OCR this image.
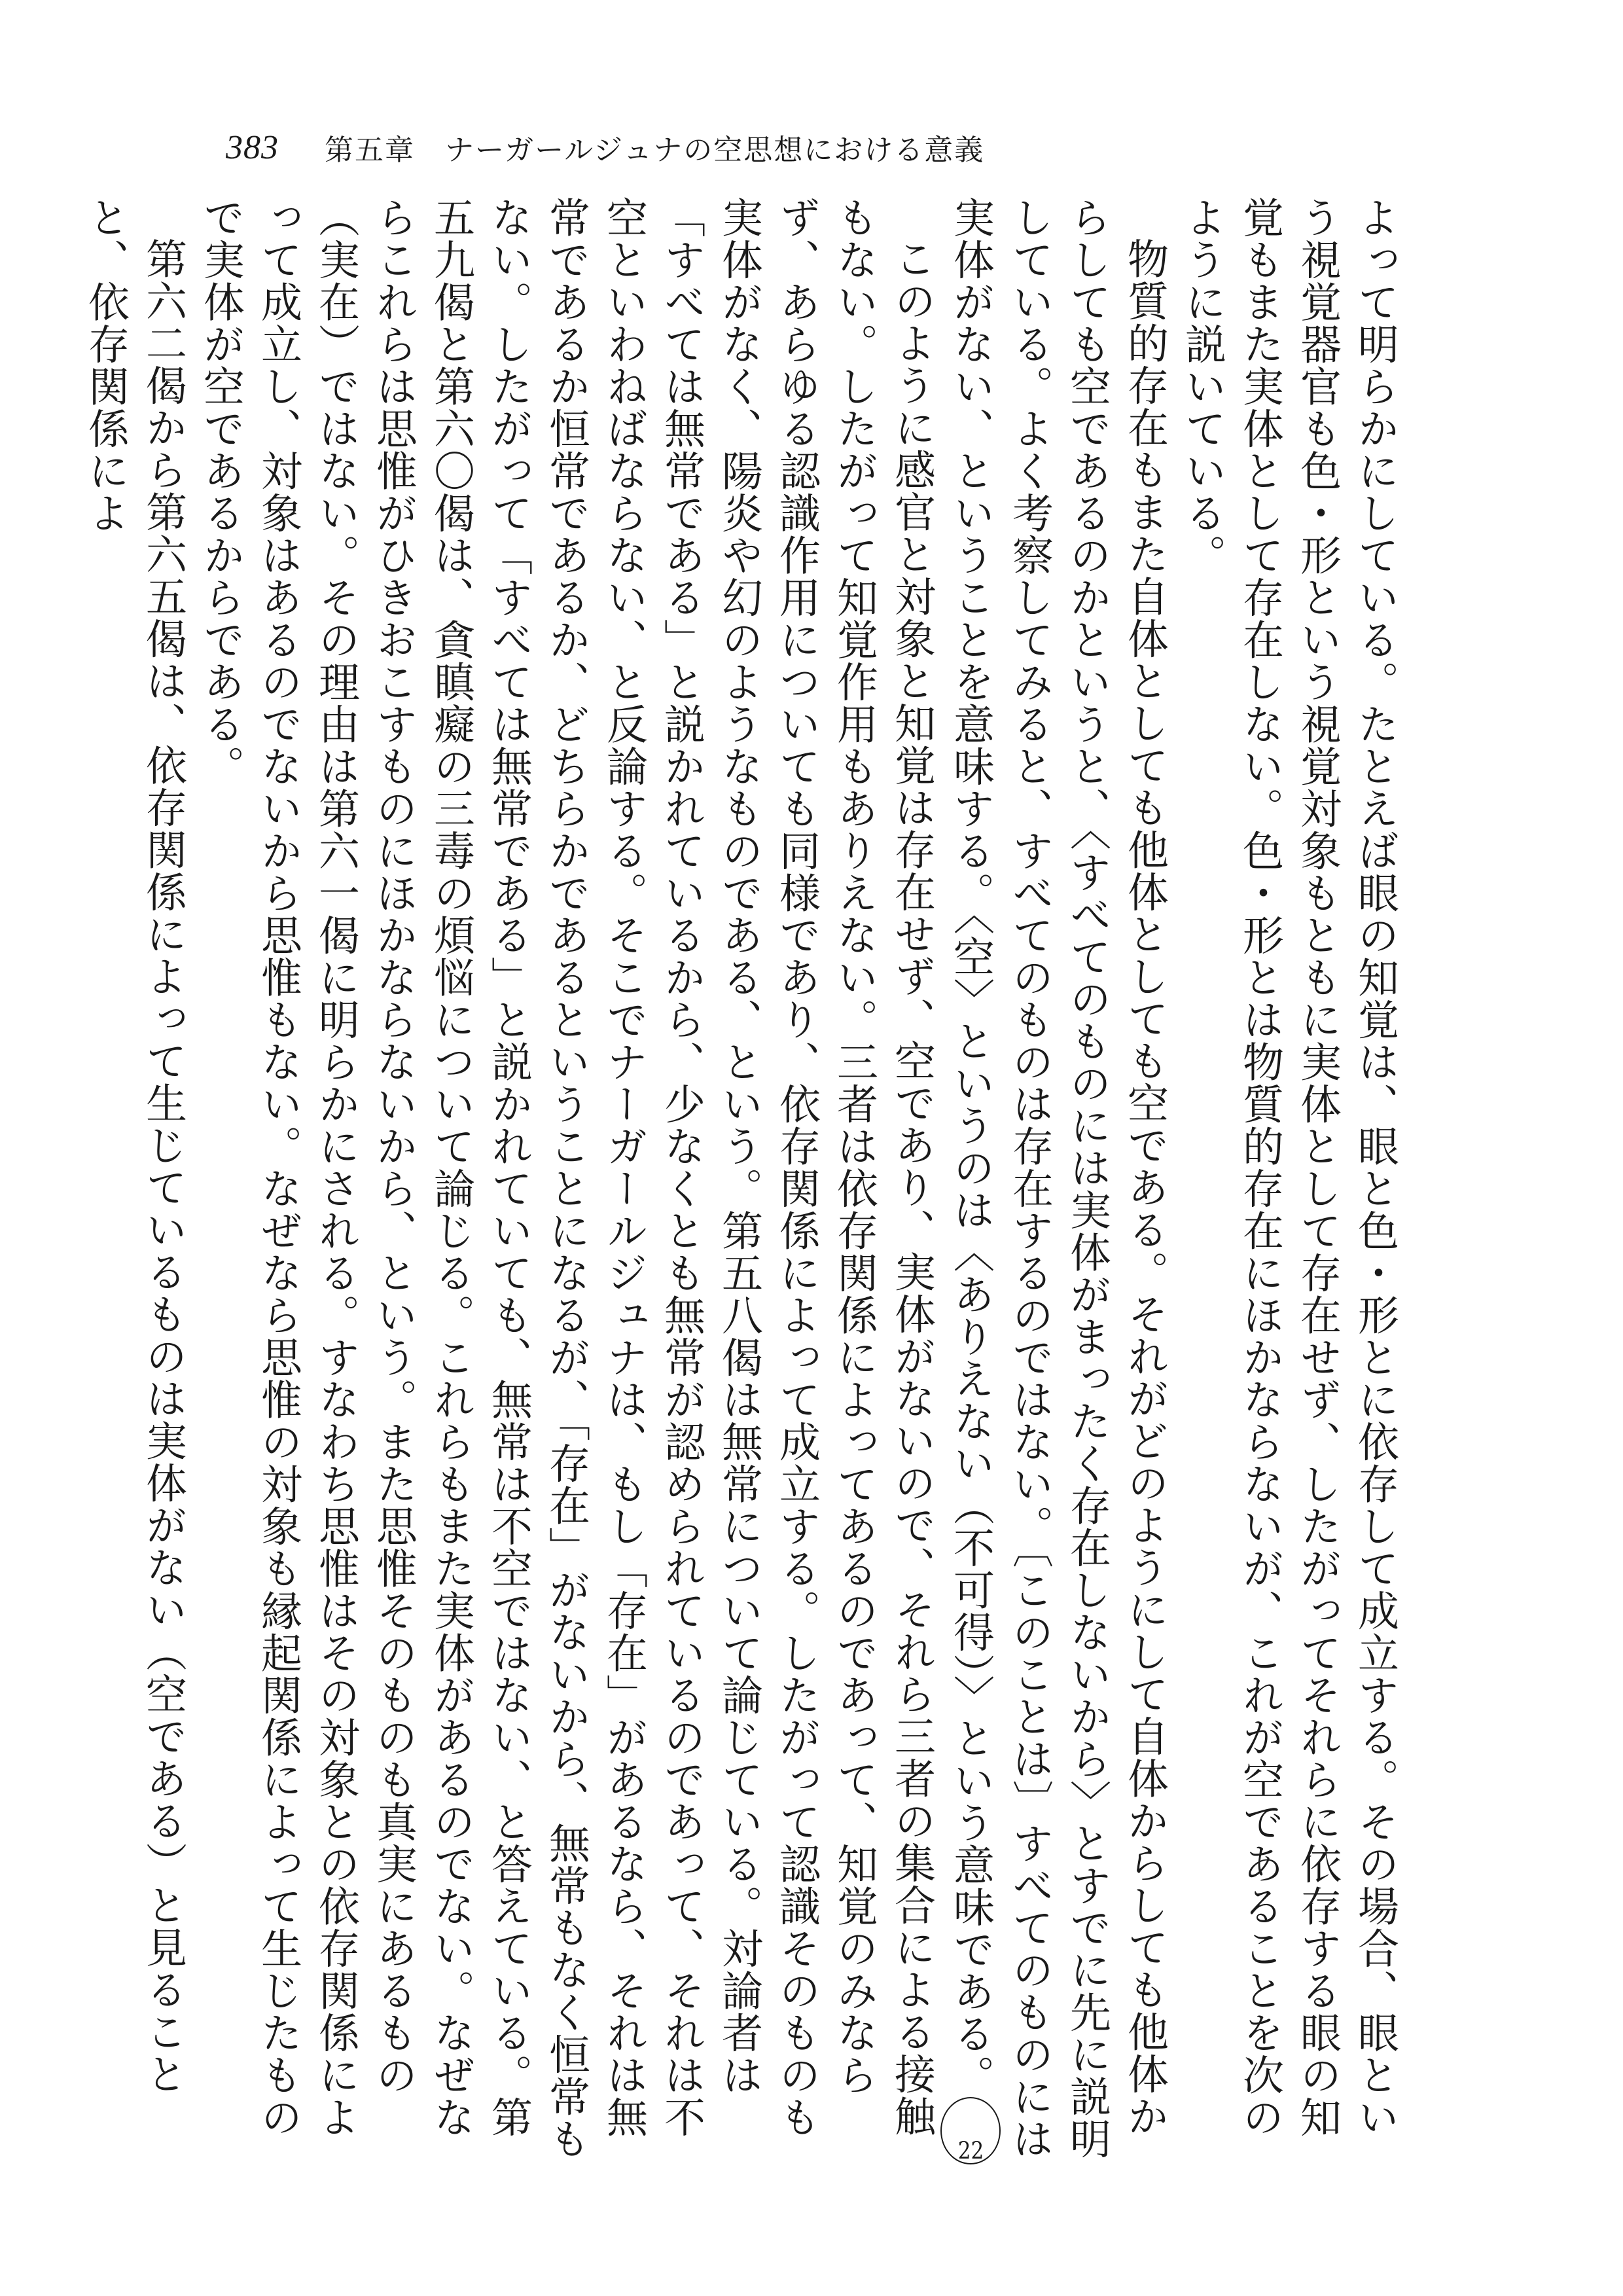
383 第五章　ナーガールジュナの空思想における意義

よって明らかにしている。たとえば眼の知覚は、眼と色・形とに依存して成立する。その場合、眼という視覚器官も色・形という視覚対象もともに実体として存在せず、したがってそれらに依存する眼の知覚もまた実体として存在しない。色・形とは物質的存在にほかならないが、これが空であることを次のように説いている。

物質的存在もまた自体としても他体としても空である。それがどのようにして自体からしても他体からしても空であるのかというと、〈すべてのものには実体がまったく存在しないから〉とすでに先に説明している。よく考察してみると、すべてのものは存在するのではない。〔このことは〕すべてのものには実体がない、ということを意味する。〈空〉というのは〈ありえない（不可得）〉という意味である。22

このように感官と対象と知覚は存在せず、空であり、実体がないので、それら三者の集合による接触もない。したがって知覚作用もありえない。三者は依存関係によってあるのであって、知覚のみならず、あらゆる認識作用についても同様であり、依存関係によって成立する。したがって認識そのものも実体がなく、陽炎や幻のようなものである、という。第五八偈は無常について論じている。対論者は「すべては無常である」と説かれているから、少なくとも無常が認められているのであって、それは不空といわねばならない、と反論する。そこでナーガールジュナは、もし「存在」があるなら、それは無常であるか恒常であるか、どちらかであるということになるが、「存在」がないから、無常もなく恒常もない。したがって「すべては無常である」と説かれていても、無常は不空ではない、と答えている。第五九偈と第六〇偈は、貪瞋癡の三毒の煩悩について論じる。これらもまた実体があるのでない。なぜならこれらは思惟がひきおこすものにほかならないから、という。また思惟そのものも真実にあるもの（実在）ではない。その理由は第六一偈に明らかにされる。すなわち思惟はその対象との依存関係によって成立し、対象はあるのでないから思惟もない。なぜなら思惟の対象も縁起関係によって生じたもので実体が空であるからである。

第六二偈から第六五偈は、依存関係によって生じているものは実体がない（空である）と見ることと、依存関係によ
